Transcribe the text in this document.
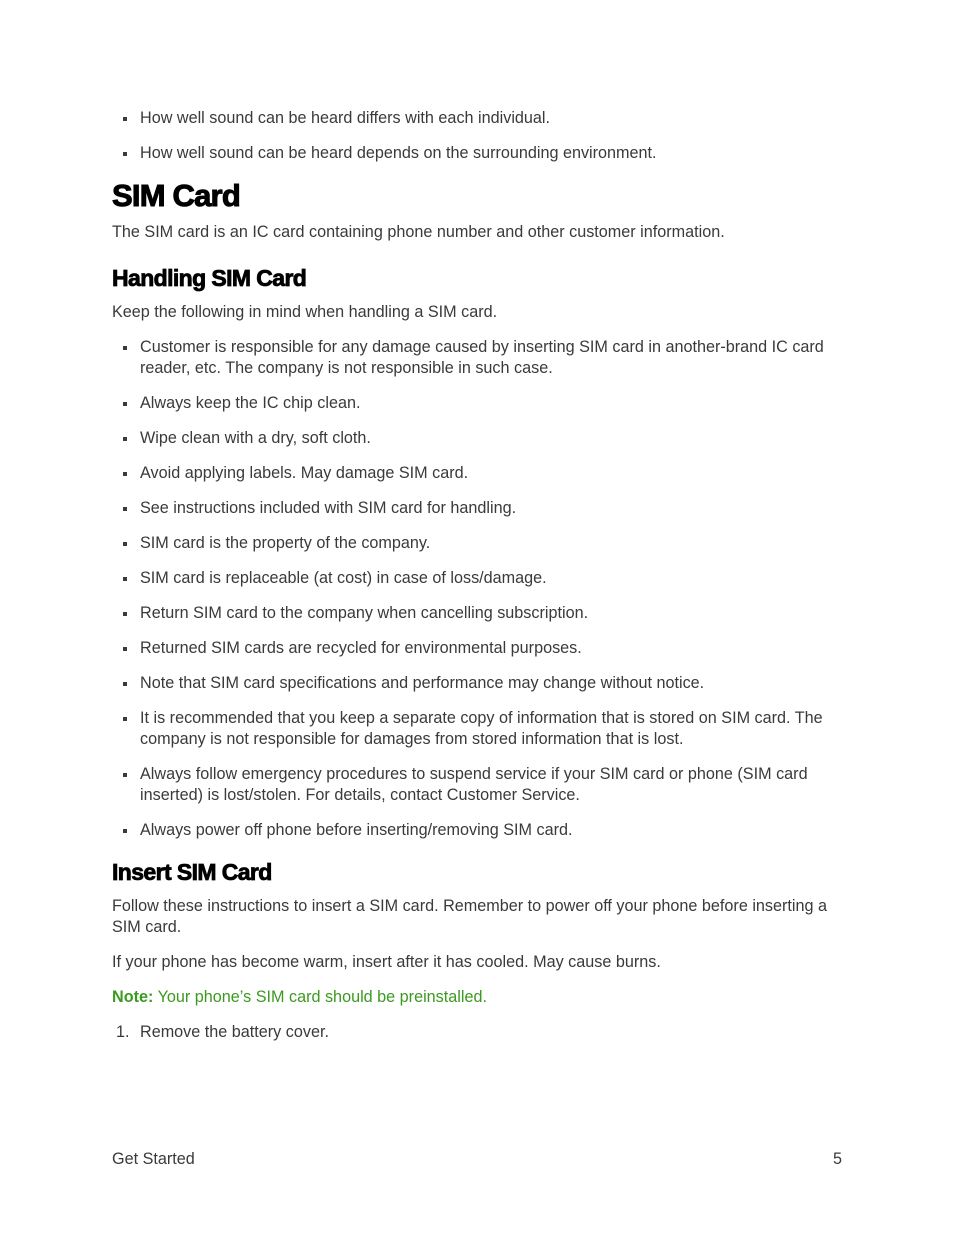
How well sound can be heard differs with each individual.
How well sound can be heard depends on the surrounding environment.
SIM Card

The SIM card is an IC card containing phone number and other customer information.

Handling SIM Card

Keep the following in mind when handling a SIM card.

Customer is responsible for any damage caused by inserting SIM card in another-brand IC card reader, etc. The company is not responsible in such case.
Always keep the IC chip clean.
Wipe clean with a dry, soft cloth.
Avoid applying labels. May damage SIM card.
See instructions included with SIM card for handling.
SIM card is the property of the company.
SIM card is replaceable (at cost) in case of loss/damage.
Return SIM card to the company when cancelling subscription.
Returned SIM cards are recycled for environmental purposes.
Note that SIM card specifications and performance may change without notice.
It is recommended that you keep a separate copy of information that is stored on SIM card. The company is not responsible for damages from stored information that is lost.
Always follow emergency procedures to suspend service if your SIM card or phone (SIM card inserted) is lost/stolen. For details, contact Customer Service.
Always power off phone before inserting/removing SIM card.
Insert SIM Card

Follow these instructions to insert a SIM card. Remember to power off your phone before inserting a SIM card.

If your phone has become warm, insert after it has cooled. May cause burns.

Note: Your phone’s SIM card should be preinstalled.

1. Remove the battery cover.
Get Started	5
